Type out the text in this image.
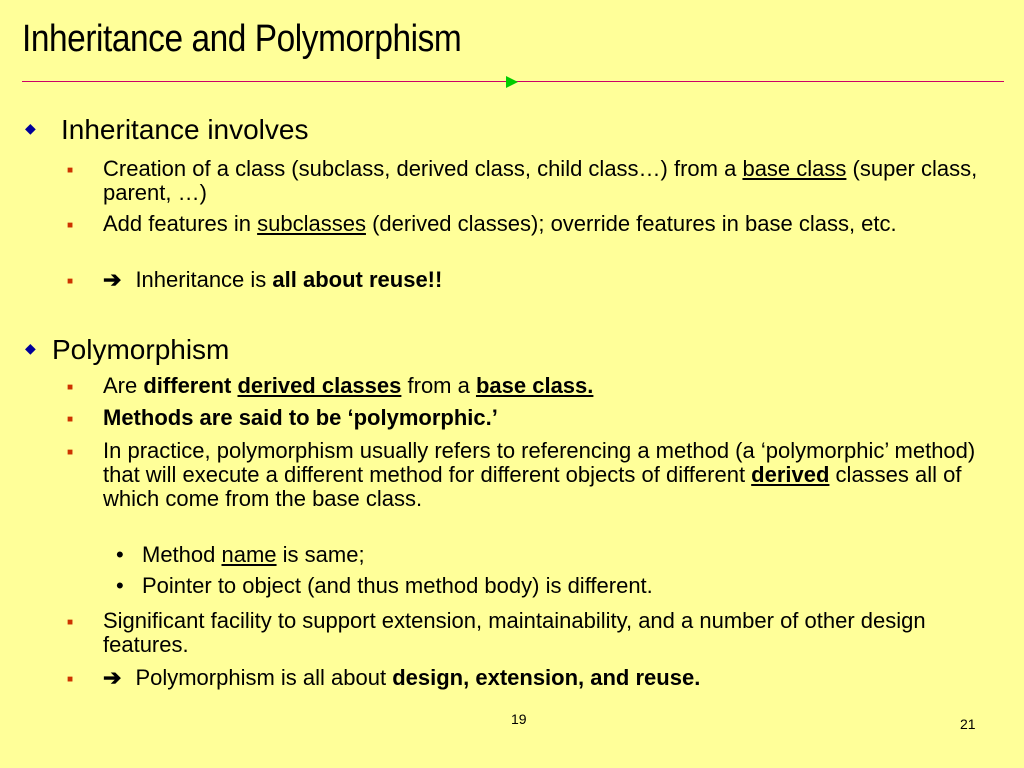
Inheritance and Polymorphism
◆ Inheritance involves
■ Creation of a class (subclass, derived class, child class…) from a base class (super class, parent, …)
■ Add features in subclasses (derived classes); override features in base class, etc.
■ ➔ Inheritance is all about reuse!!
◆ Polymorphism
■ Are different derived classes from a base class.
■ Methods are said to be ‘polymorphic.’
■ In practice, polymorphism usually refers to referencing a method (a ‘polymorphic’ method) that will execute a different method for different objects of different derived classes all of which come from the base class.
• Method name is same;
• Pointer to object (and thus method body) is different.
■ Significant facility to support extension, maintainability, and a number of other design features.
■ ➔ Polymorphism is all about design, extension, and reuse.
19	21
